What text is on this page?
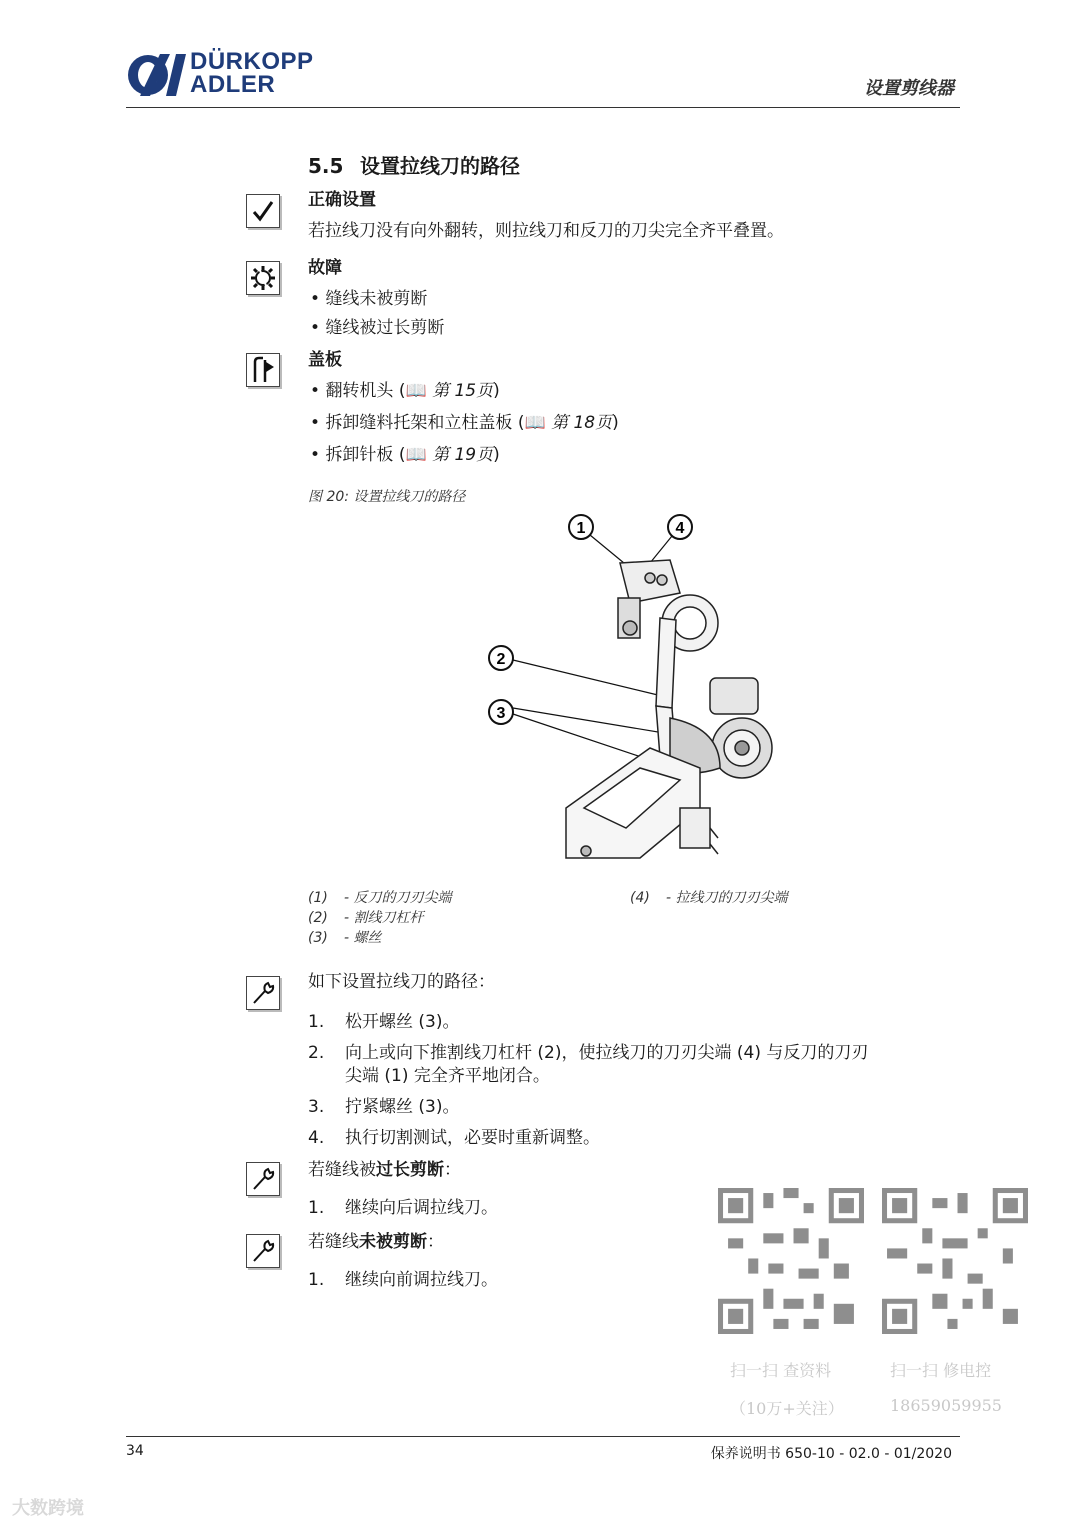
DÜRKOPP
ADLER	设置剪线器
5.5 设置拉线刀的路径
正确设置
若拉线刀没有向外翻转，则拉线刀和反刀的刀尖完全齐平叠置。
故障
• 缝线未被剪断
• 缝线被过长剪断
盖板
• 翻转机头 (📖 第 15页)
• 拆卸缝料托架和立柱盖板 (📖 第 18页)
• 拆卸针板 (📖 第 19页)
图 20: 设置拉线刀的路径
1	4
2
3
(1) - 反刀的刀刃尖端
(2) - 割线刀杠杆
(3) - 螺丝
(4) - 拉线刀的刀刃尖端
如下设置拉线刀的路径：
1. 松开螺丝 (3)。
2. 向上或向下推割线刀杠杆 (2)，使拉线刀的刀刃尖端 (4) 与反刀的刀刃
尖端 (1) 完全齐平地闭合。
3. 拧紧螺丝 (3)。
4. 执行切割测试，必要时重新调整。
若缝线被过长剪断：
1. 继续向后调拉线刀。
若缝线未被剪断：
1. 继续向前调拉线刀。
扫一扫 查资料
（10万+关注）
扫一扫 修电控
18659059955
34	保养说明书 650-10 - 02.0 - 01/2020
大数跨境
